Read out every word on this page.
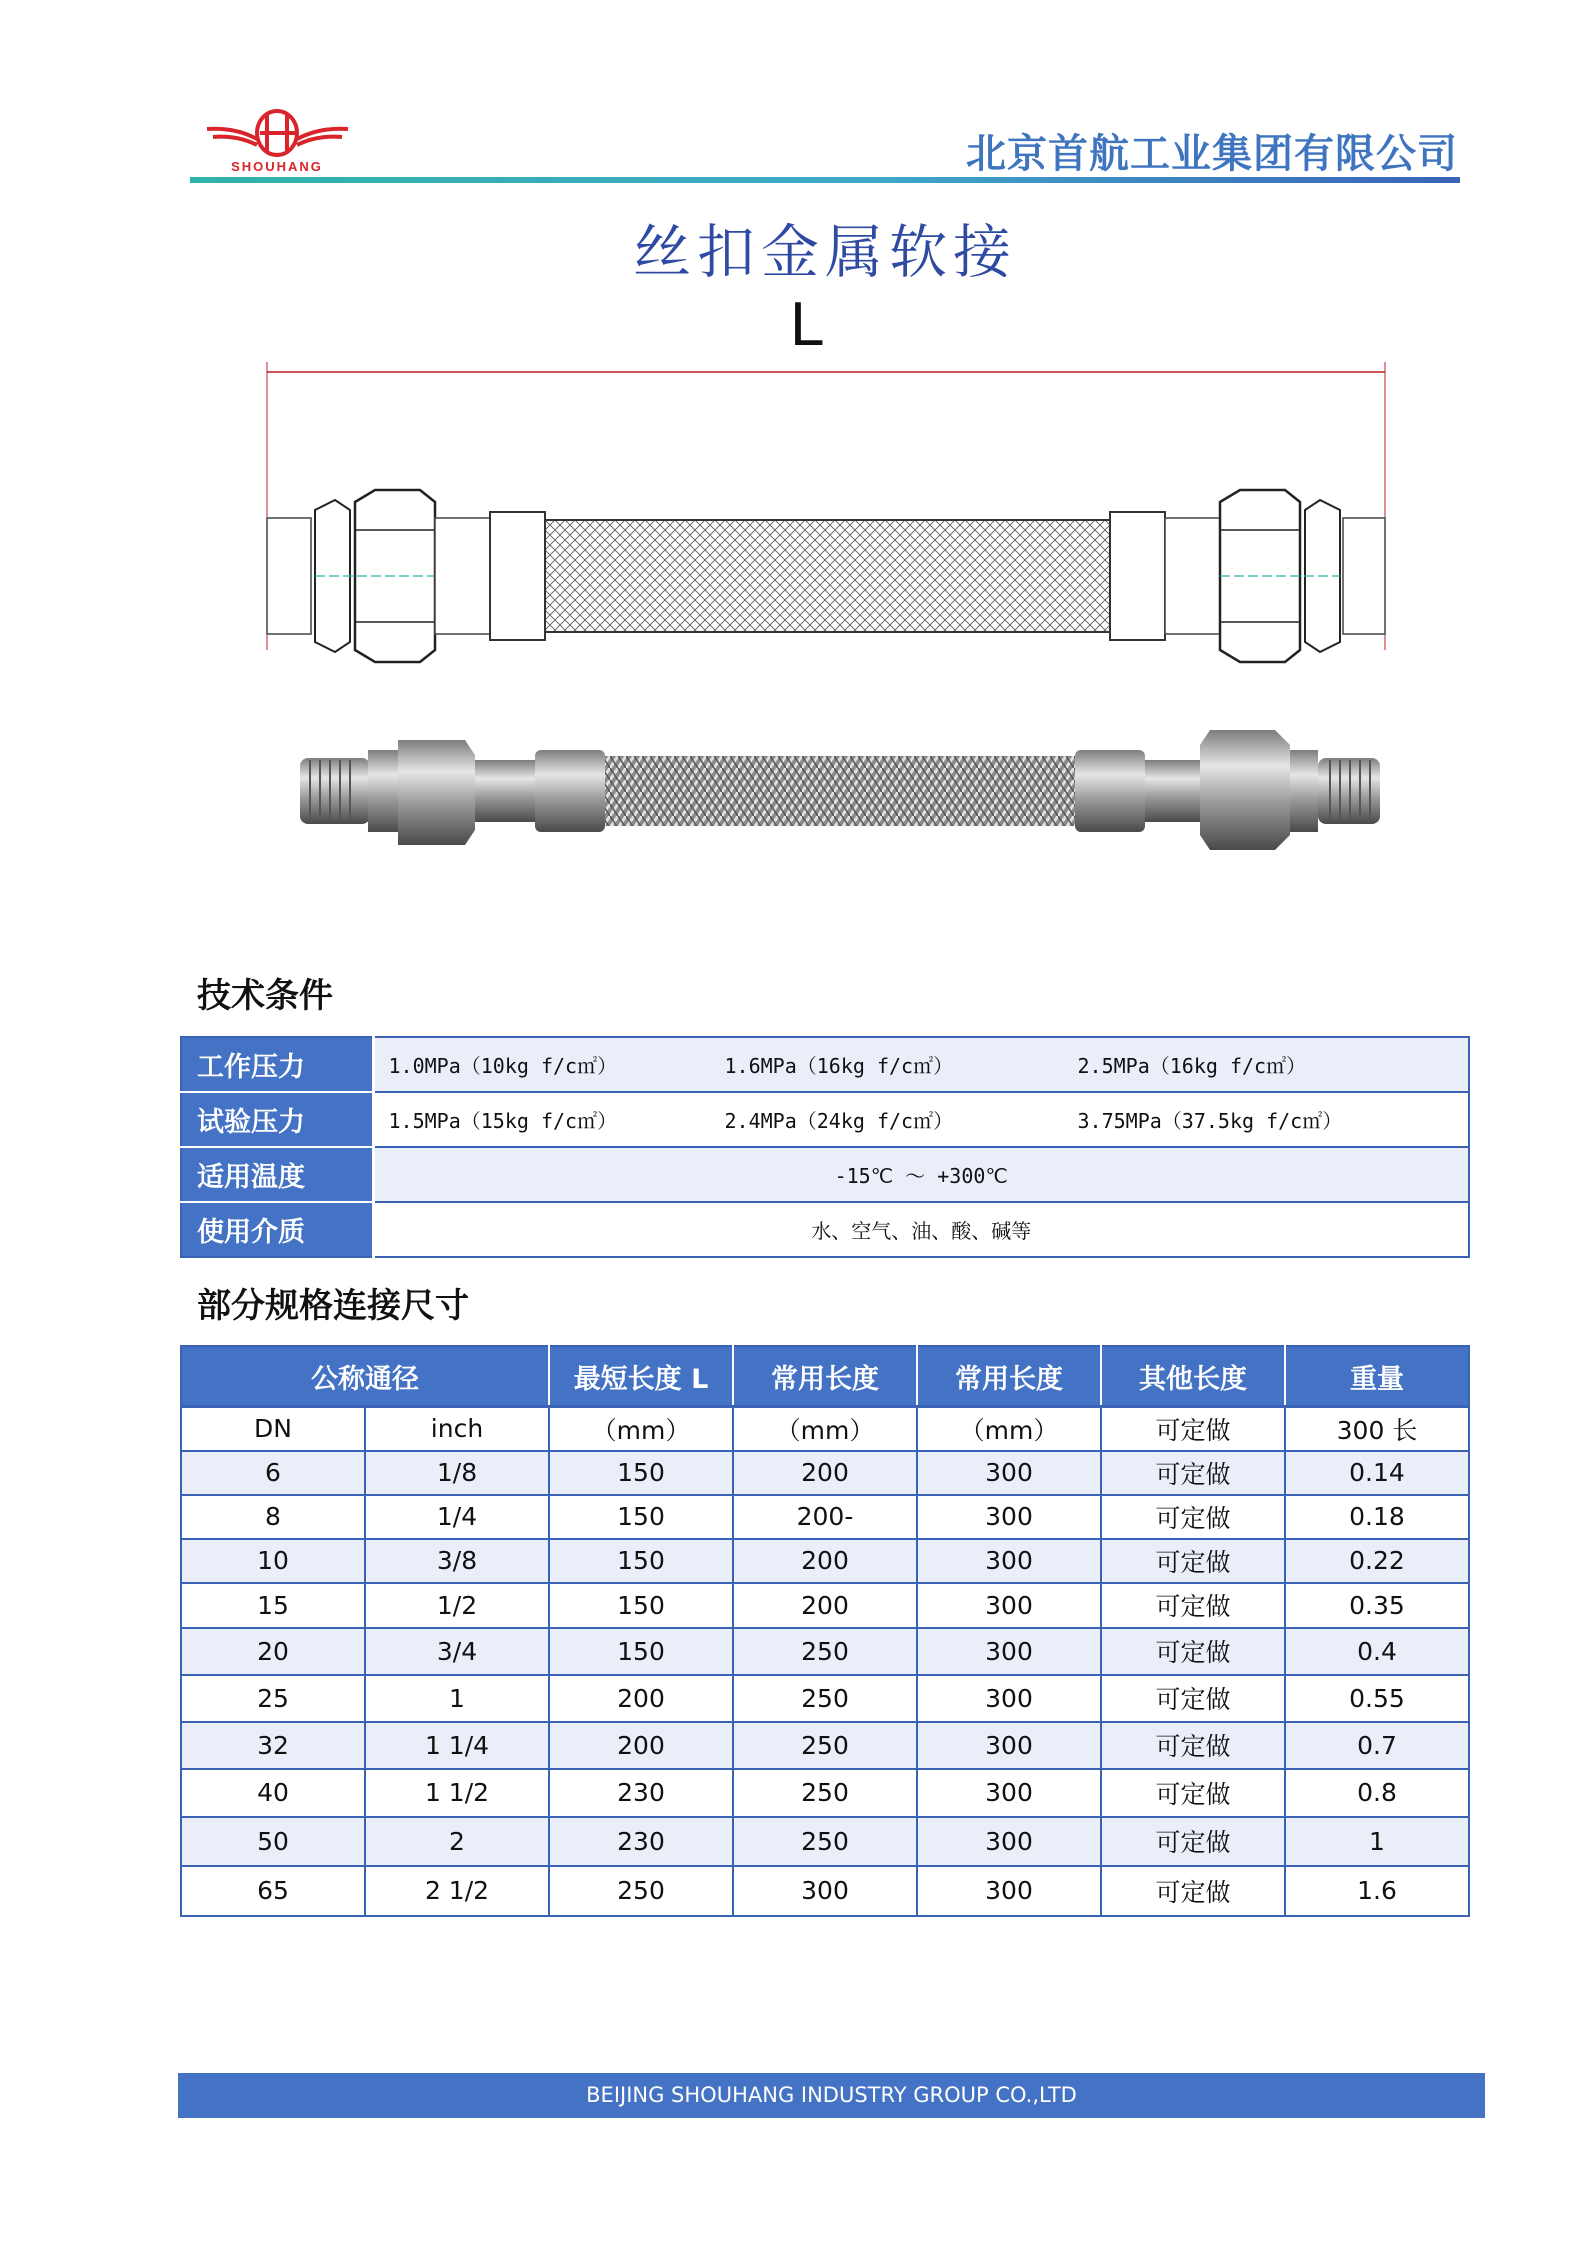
SHOUHANG	北京首航工业集团有限公司
丝扣金属软接
L
技术条件
工作压力	1.0MPa（10kg f/c㎡）	1.6MPa（16kg f/c㎡）	2.5MPa（16kg f/c㎡）
试验压力	1.5MPa（15kg f/c㎡）	2.4MPa（24kg f/c㎡）	3.75MPa（37.5kg f/c㎡）
适用温度	-15℃ ～ +300℃		
使用介质	水、空气、油、酸、碱等		
部分规格连接尺寸
公称通径		最短长度 L	常用长度	常用长度	其他长度	重量
DN	inch	（mm）	（mm）	（mm）	可定做	300 长
6	1/8	150	200	300	可定做	0.14
8	1/4	150	200-	300	可定做	0.18
10	3/8	150	200	300	可定做	0.22
15	1/2	150	200	300	可定做	0.35
20	3/4	150	250	300	可定做	0.4
25	1	200	250	300	可定做	0.55
32	1 1/4	200	250	300	可定做	0.7
40	1 1/2	230	250	300	可定做	0.8
50	2	230	250	300	可定做	1
65	2 1/2	250	300	300	可定做	1.6
BEIJING SHOUHANG INDUSTRY GROUP CO.,LTD
